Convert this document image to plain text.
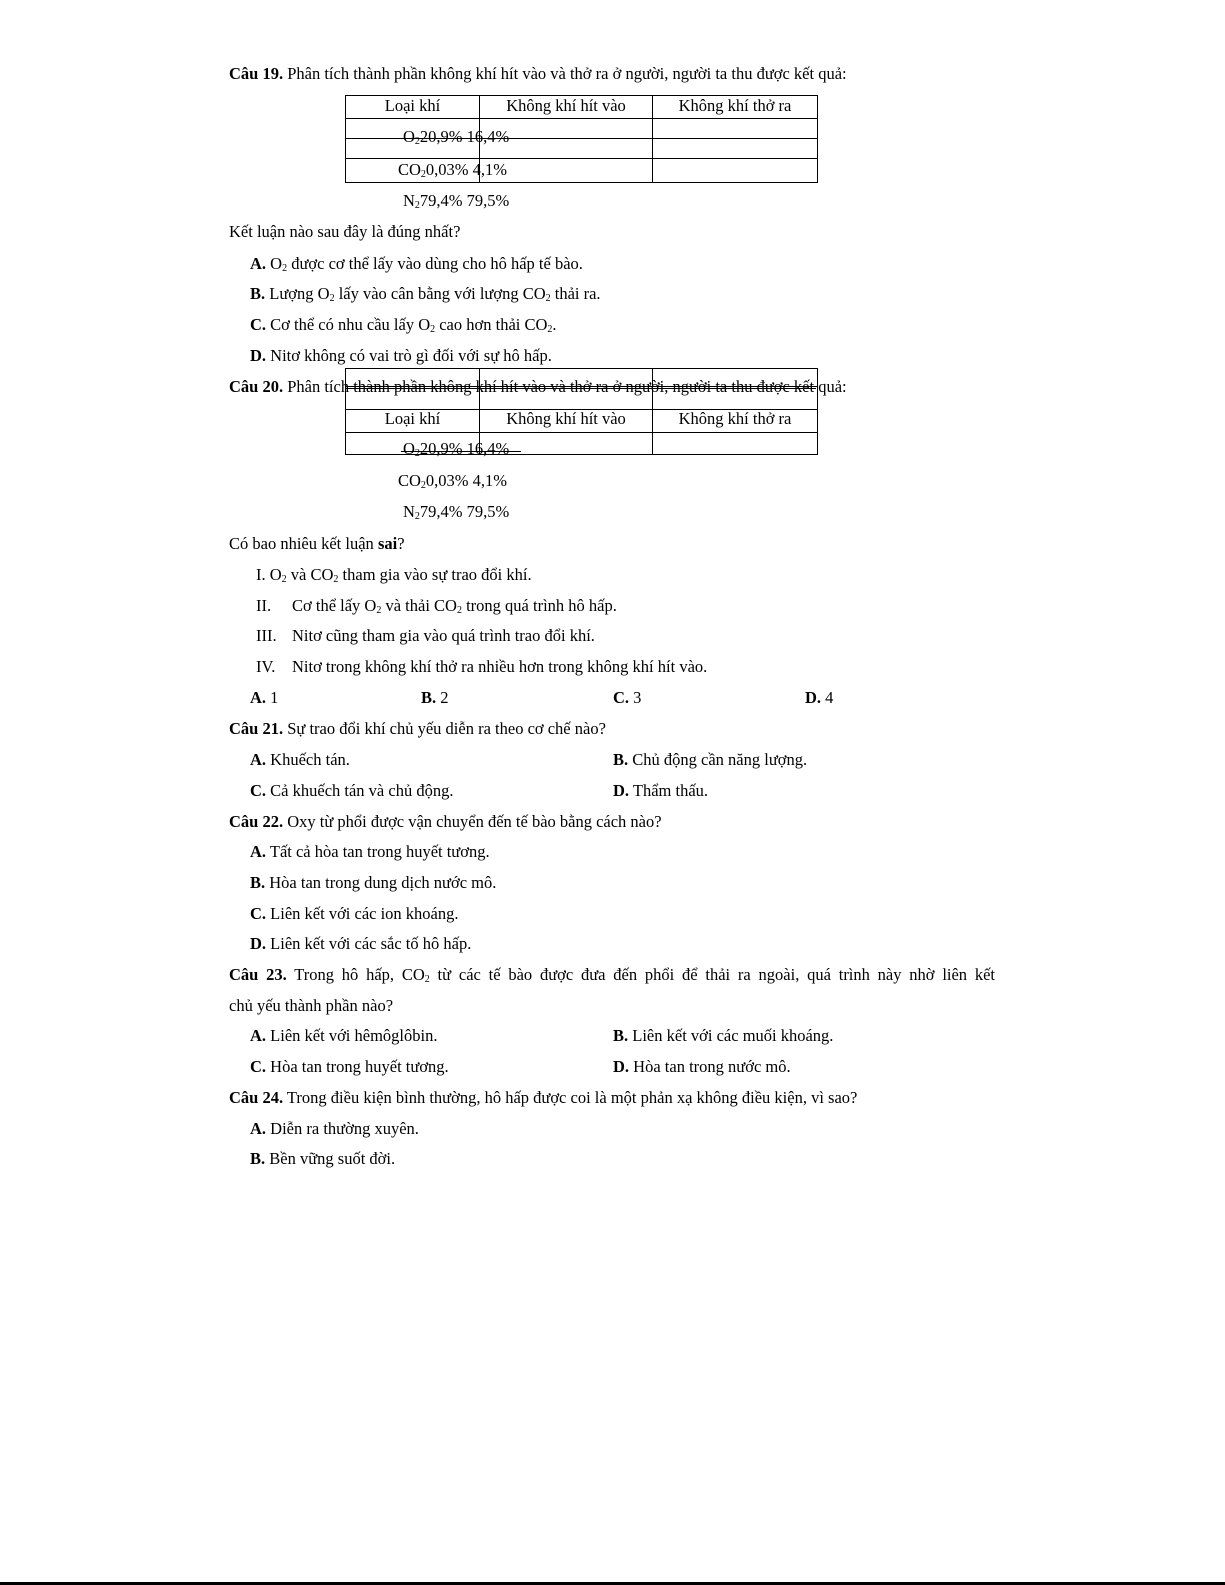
Câu 19. Phân tích thành phần không khí hít vào và thở ra ở người, người ta thu được kết quả:
Loại khí	Không khí hít vào	Không khí thở ra
$O_220,9\%$ 16,4%
$CO_20,03\%$ 4,1%
$N_279,4\%$ 79,5%
Kết luận nào sau đây là đúng nhất?
A. $O_2$ được cơ thể lấy vào dùng cho hô hấp tế bào.
B. Lượng $O_2$ lấy vào cân bằng với lượng $CO_2$ thải ra.
C. Cơ thể có nhu cầu lấy $O_2$ cao hơn thải $CO_2$.
D. Nitơ không có vai trò gì đối với sự hô hấp.
Loại khí	Không khí hít vào	Không khí thở ra
Câu 20. Phân tích thành phần không khí hít vào và thở ra ở người, người ta thu được kết quả:
$O_220,9\%$ 16,4%
$CO_20,03\%$ 4,1%
$N_279,4\%$ 79,5%
Có bao nhiêu kết luận sai?
I. $O_2$ và $CO_2$ tham gia vào sự trao đổi khí.
II. Cơ thể lấy $O_2$ và thải $CO_2$ trong quá trình hô hấp.
III. Nitơ cũng tham gia vào quá trình trao đổi khí.
IV. Nitơ trong không khí thở ra nhiều hơn trong không khí hít vào.
A. 1	B. 2	C. 3	D. 4
Câu 21. Sự trao đổi khí chủ yếu diễn ra theo cơ chế nào?
A. Khuếch tán.	B. Chủ động cần năng lượng.
C. Cả khuếch tán và chủ động.	D. Thẩm thấu.
Câu 22. Oxy từ phổi được vận chuyển đến tế bào bằng cách nào?
A. Tất cả hòa tan trong huyết tương.
B. Hòa tan trong dung dịch nước mô.
C. Liên kết với các ion khoáng.
D. Liên kết với các sắc tố hô hấp.
Câu 23. Trong hô hấp, $CO_2$ từ các tế bào được đưa đến phổi để thải ra ngoài, quá trình này nhờ liên kết
chủ yếu thành phần nào?
A. Liên kết với hêmôglôbin.	B. Liên kết với các muối khoáng.
C. Hòa tan trong huyết tương.	D. Hòa tan trong nước mô.
Câu 24. Trong điều kiện bình thường, hô hấp được coi là một phản xạ không điều kiện, vì sao?
A. Diễn ra thường xuyên.
B. Bền vững suốt đời.
